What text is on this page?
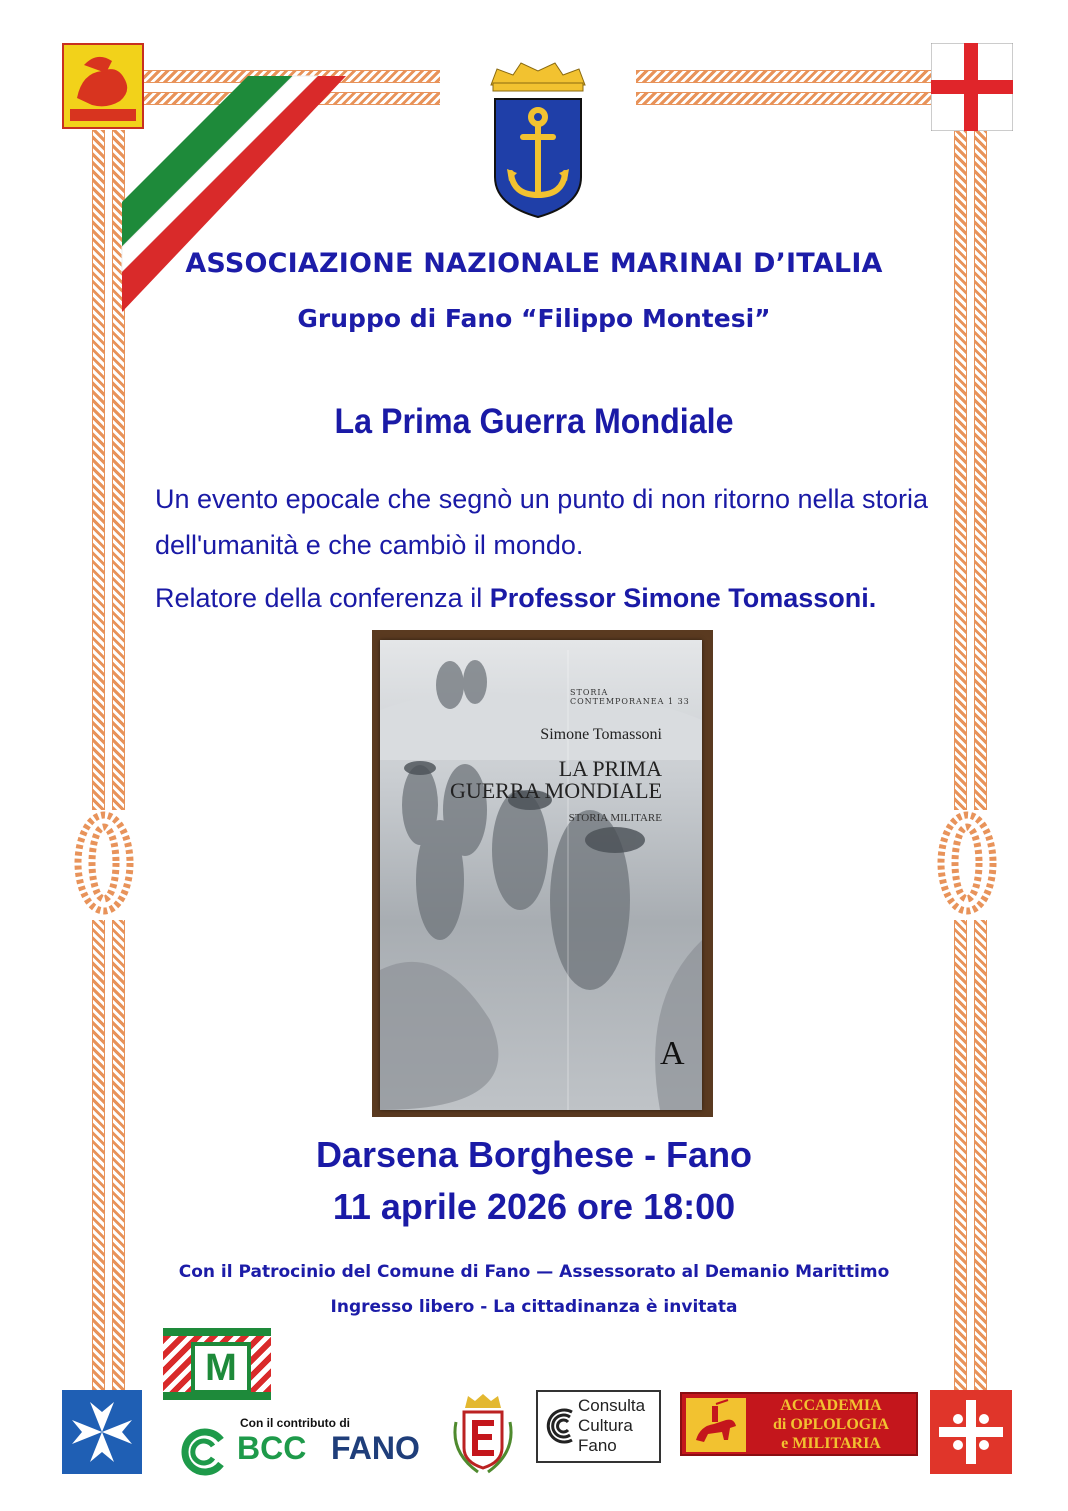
ASSOCIAZIONE NAZIONALE MARINAI D’ITALIA
Gruppo di Fano “Filippo Montesi”
La Prima Guerra Mondiale
Un evento epocale che segnò un punto di non ritorno nella storia dell'umanità e che cambiò il mondo.
Relatore della conferenza il Professor Simone Tomassoni.
STORIA CONTEMPORANEA 1 33
Simone Tomassoni
LA PRIMA
GUERRA MONDIALE
STORIA MILITARE
A
Darsena Borghese - Fano
11 aprile 2026 ore 18:00
Con il Patrocinio del Comune di Fano — Assessorato al Demanio Marittimo
Ingresso libero - La cittadinanza è invitata
M
Con il contributo di
BCC FANO
Consulta
Cultura
Fano
ACCADEMIA
di OPLOLOGIA
e MILITARIA
